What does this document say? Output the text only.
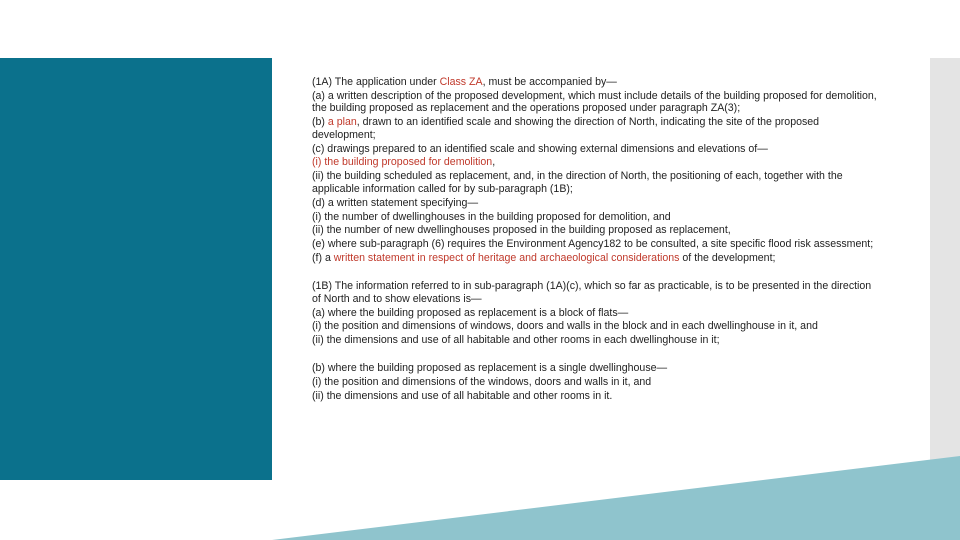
(1A) The application under Class ZA, must be accompanied by—

(a) a written description of the proposed development, which must include details of the building proposed for demolition, the building proposed as replacement and the operations proposed under paragraph ZA(3);

(b) a plan, drawn to an identified scale and showing the direction of North, indicating the site of the proposed development;

(c) drawings prepared to an identified scale and showing external dimensions and elevations of—

(i) the building proposed for demolition,

(ii) the building scheduled as replacement, and, in the direction of North, the positioning of each, together with the applicable information called for by sub-paragraph (1B);

(d) a written statement specifying—

(i) the number of dwellinghouses in the building proposed for demolition, and

(ii) the number of new dwellinghouses proposed in the building proposed as replacement,

(e) where sub-paragraph (6) requires the Environment Agency182 to be consulted, a site specific flood risk assessment;

(f) a written statement in respect of heritage and archaeological considerations of the development;

(1B) The information referred to in sub-paragraph (1A)(c), which so far as practicable, is to be presented in the direction of North and to show elevations is—

(a) where the building proposed as replacement is a block of flats—

(i) the position and dimensions of windows, doors and walls in the block and in each dwellinghouse in it, and

(ii) the dimensions and use of all habitable and other rooms in each dwellinghouse in it;

(b) where the building proposed as replacement is a single dwellinghouse—

(i) the position and dimensions of the windows, doors and walls in it, and

(ii) the dimensions and use of all habitable and other rooms in it.
